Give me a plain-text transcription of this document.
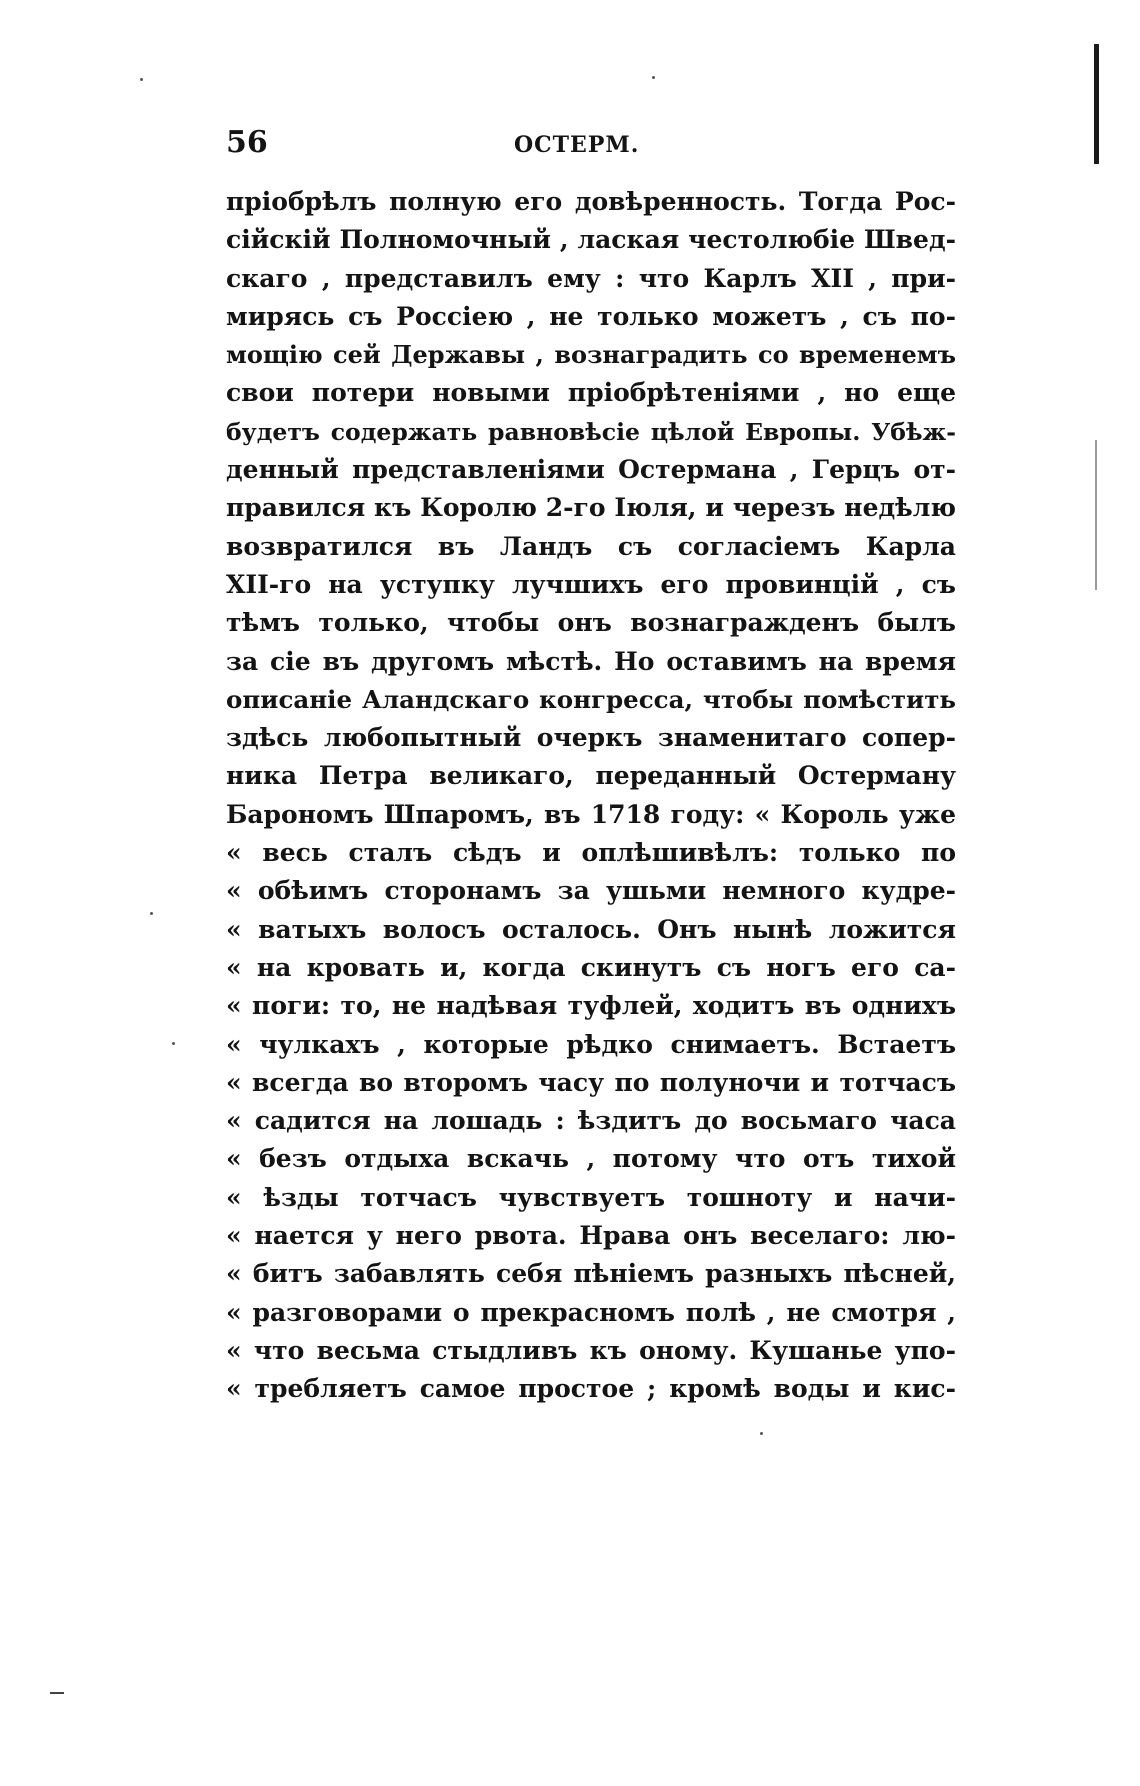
56	ОСТЕРМ.
пріобрѣлъ полную его довѣренность. Тогда Рос-
сійскій Полномочный , лаская честолюбіе Швед-
скаго , представилъ ему : что Карлъ XII , при-
мирясь съ Россіею , не только можетъ , съ по-
мощію сей Державы , вознаградить со временемъ
свои потери новыми пріобрѣтеніями , но еще
будетъ содержать равновѣсіе цѣлой Европы. Убѣж-
денный представленіями Остермана , Герцъ от-
правился къ Королю 2-го Іюля, и черезъ недѣлю
возвратился въ Ландъ съ согласіемъ Карла
XII-го на уступку лучшихъ его провинцій , съ
тѣмъ только, чтобы онъ вознагражденъ былъ
за сіе въ другомъ мѣстѣ. Но оставимъ на время
описаніе Аландскаго конгресса, чтобы помѣстить
здѣсь любопытный очеркъ знаменитаго сопер-
ника Петра великаго, переданный Остерману
Барономъ Шпаромъ, въ 1718 году: « Король уже
« весь сталъ сѣдъ и оплѣшивѣлъ: только по
« обѣимъ сторонамъ за ушьми немного кудре-
« ватыхъ волосъ осталось. Онъ нынѣ ложится
« на кровать и, когда скинутъ съ ногъ его са-
« поги: то, не надѣвая туфлей, ходитъ въ однихъ
« чулкахъ , которые рѣдко снимаетъ. Встаетъ
« всегда во второмъ часу по полуночи и тотчасъ
« садится на лошадь : ѣздитъ до восьмаго часа
« безъ отдыха вскачь , потому что отъ тихой
« ѣзды тотчасъ чувствуетъ тошноту и начи-
« нается у него рвота. Нрава онъ веселаго: лю-
« битъ забавлять себя пѣніемъ разныхъ пѣсней,
« разговорами о прекрасномъ полѣ , не смотря ,
« что весьма стыдливъ къ оному. Кушанье упо-
« требляетъ самое простое ; кромѣ воды и кис-
